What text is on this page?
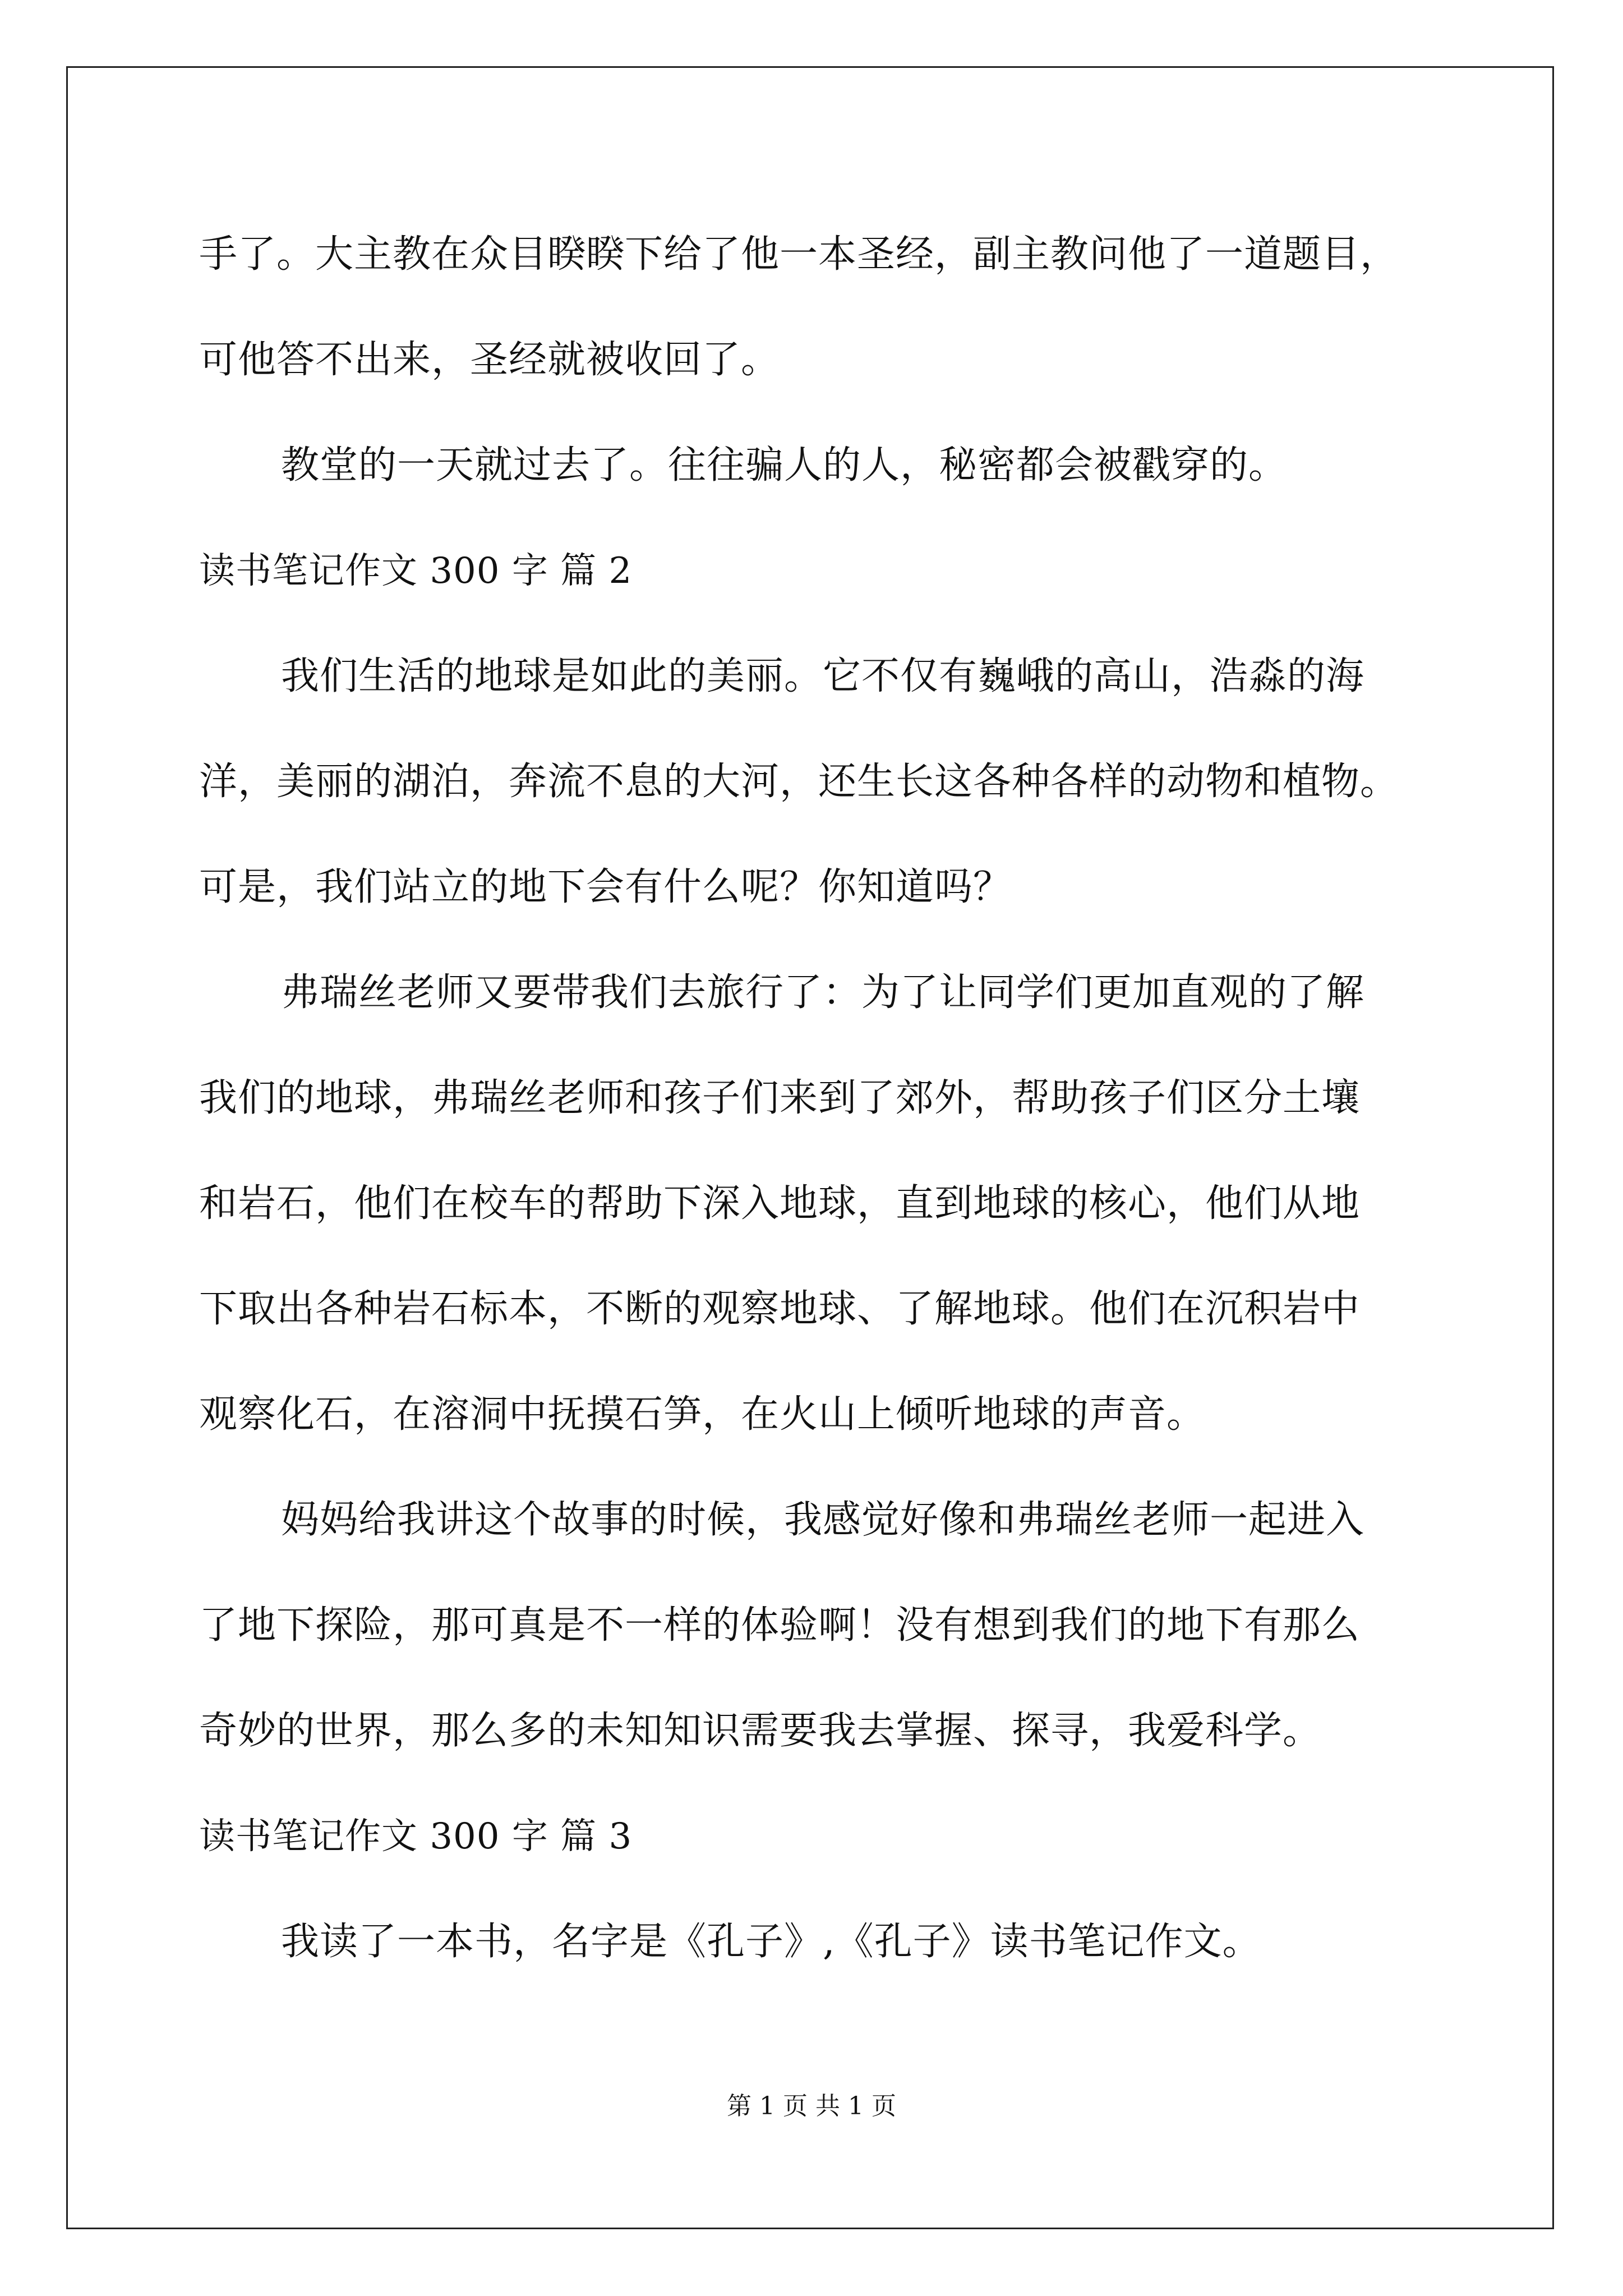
手了。大主教在众目睽睽下给了他一本圣经，副主教问他了一道题目，
可他答不出来，圣经就被收回了。
教堂的一天就过去了。往往骗人的人，秘密都会被戳穿的。
读书笔记作文 300 字 篇 2
我们生活的地球是如此的美丽。它不仅有巍峨的高山，浩淼的海
洋，美丽的湖泊，奔流不息的大河，还生长这各种各样的动物和植物。
可是，我们站立的地下会有什么呢？你知道吗？
弗瑞丝老师又要带我们去旅行了：为了让同学们更加直观的了解
我们的地球，弗瑞丝老师和孩子们来到了郊外，帮助孩子们区分土壤
和岩石，他们在校车的帮助下深入地球，直到地球的核心，他们从地
下取出各种岩石标本，不断的观察地球、了解地球。他们在沉积岩中
观察化石，在溶洞中抚摸石笋，在火山上倾听地球的声音。
妈妈给我讲这个故事的时候，我感觉好像和弗瑞丝老师一起进入
了地下探险，那可真是不一样的体验啊！没有想到我们的地下有那么
奇妙的世界，那么多的未知知识需要我去掌握、探寻，我爱科学。
读书笔记作文 300 字 篇 3
我读了一本书，名字是《孔子》,《孔子》读书笔记作文。
第 1 页 共 1 页
